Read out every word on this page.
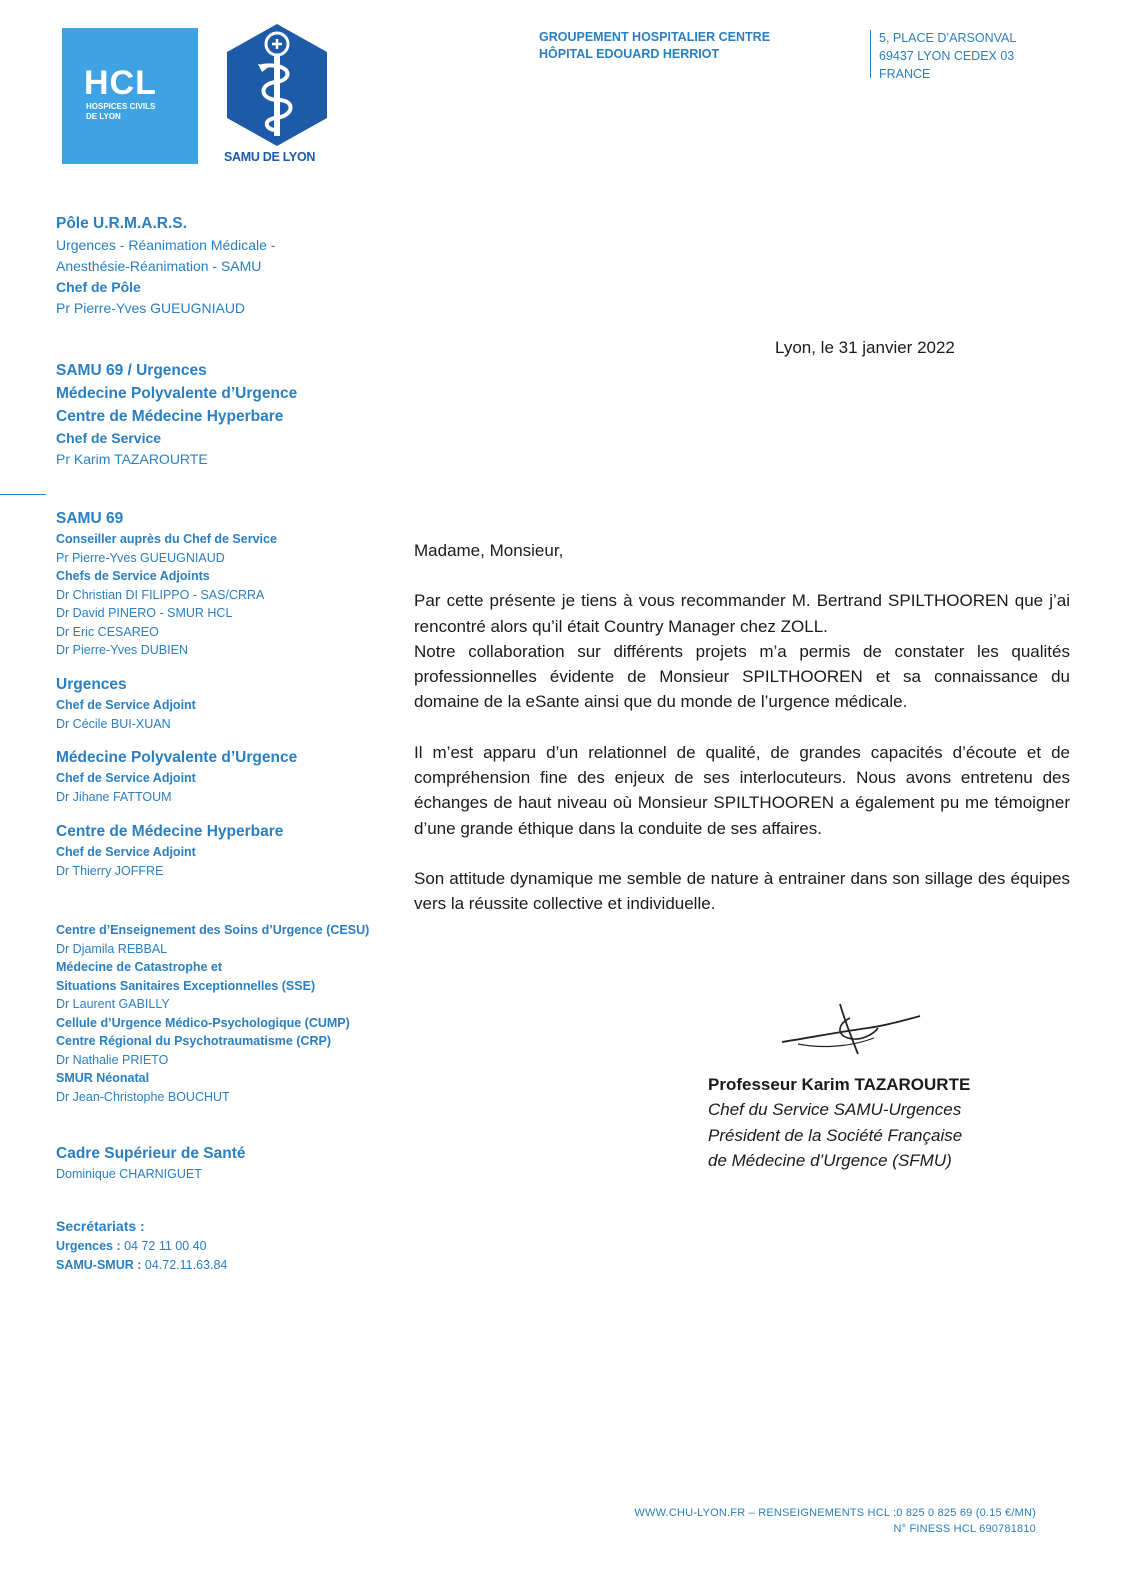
HCL
HOSPICES CIVILS
DE LYON
SAMU DE LYON
GROUPEMENT HOSPITALIER CENTRE
HÔPITAL EDOUARD HERRIOT
5, PLACE D’ARSONVAL
69437 LYON CEDEX 03
FRANCE
Pôle U.R.M.A.R.S.
Urgences - Réanimation Médicale -
Anesthésie-Réanimation - SAMU
Chef de Pôle
Pr Pierre-Yves GUEUGNIAUD
SAMU 69 / Urgences
Médecine Polyvalente d’Urgence
Centre de Médecine Hyperbare
Chef de Service
Pr Karim TAZAROURTE
SAMU 69
Conseiller auprès du Chef de Service
Pr Pierre-Yves GUEUGNIAUD
Chefs de Service Adjoints
Dr Christian DI FILIPPO - SAS/CRRA
Dr David PINERO - SMUR HCL
Dr Eric CESAREO
Dr Pierre-Yves DUBIEN
Urgences
Chef de Service Adjoint
Dr Cécile BUI-XUAN
Médecine Polyvalente d’Urgence
Chef de Service Adjoint
Dr Jihane FATTOUM
Centre de Médecine Hyperbare
Chef de Service Adjoint
Dr Thierry JOFFRE
Centre d’Enseignement des Soins d’Urgence (CESU)
Dr Djamila REBBAL
Médecine de Catastrophe et
Situations Sanitaires Exceptionnelles (SSE)
Dr Laurent GABILLY
Cellule d’Urgence Médico-Psychologique (CUMP)
Centre Régional du Psychotraumatisme (CRP)
Dr Nathalie PRIETO
SMUR Néonatal
Dr Jean-Christophe BOUCHUT
Cadre Supérieur de Santé
Dominique CHARNIGUET
Secrétariats :
Urgences : 04 72 11 00 40
SAMU-SMUR : 04.72.11.63.84
Lyon, le 31 janvier 2022

Madame, Monsieur,

Par cette présente je tiens à vous recommander M. Bertrand SPILTHOOREN que j’ai rencontré alors qu’il était Country Manager chez ZOLL.

Notre collaboration sur différents projets m’a permis de constater les qualités professionnelles évidente de Monsieur SPILTHOOREN et sa connaissance du domaine de la eSante ainsi que du monde de l’urgence médicale.

Il m’est apparu d’un relationnel de qualité, de grandes capacités d’écoute et de compréhension fine des enjeux de ses interlocuteurs. Nous avons entretenu des échanges de haut niveau où Monsieur SPILTHOOREN a également pu me témoigner d’une grande éthique dans la conduite de ses affaires.

Son attitude dynamique me semble de nature à entrainer dans son sillage des équipes vers la réussite collective et individuelle.

Professeur Karim TAZAROURTE
Chef du Service SAMU-Urgences
Président de la Société Française
de Médecine d’Urgence (SFMU)
WWW.CHU-LYON.FR – RENSEIGNEMENTS HCL :0 825 0 825 69 (0.15 €/MN)
N° FINESS HCL 690781810
